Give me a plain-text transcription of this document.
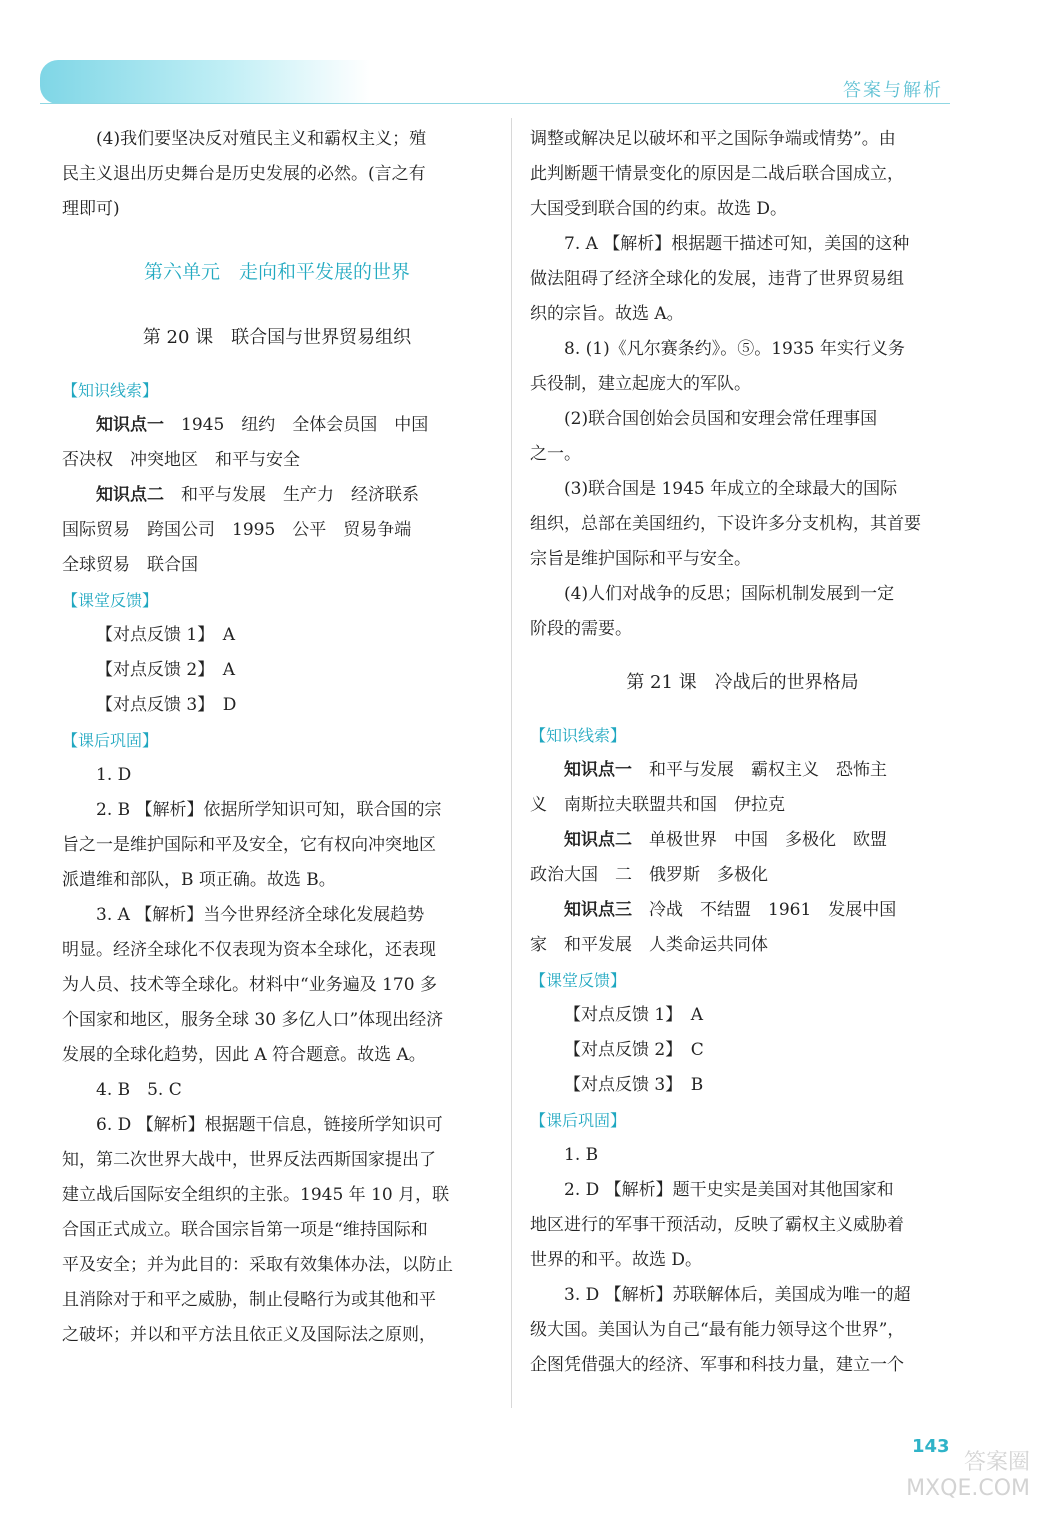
答案与解析
(4)我们要坚决反对殖民主义和霸权主义；殖
民主义退出历史舞台是历史发展的必然。(言之有
理即可)
第六单元　走向和平发展的世界
第 20 课　联合国与世界贸易组织
【知识线索】
知识点一　1945　纽约　全体会员国　中国
否决权　冲突地区　和平与安全
知识点二　和平与发展　生产力　经济联系
国际贸易　跨国公司　1995　公平　贸易争端
全球贸易　联合国
【课堂反馈】
【对点反馈 1】　A
【对点反馈 2】　A
【对点反馈 3】　D
【课后巩固】
1. D
2. B 【解析】依据所学知识可知，联合国的宗
旨之一是维护国际和平及安全，它有权向冲突地区
派遣维和部队，B 项正确。故选 B。
3. A 【解析】当今世界经济全球化发展趋势
明显。经济全球化不仅表现为资本全球化，还表现
为人员、技术等全球化。材料中“业务遍及 170 多
个国家和地区，服务全球 30 多亿人口”体现出经济
发展的全球化趋势，因此 A 符合题意。故选 A。
4. B　5. C
6. D 【解析】根据题干信息，链接所学知识可
知，第二次世界大战中，世界反法西斯国家提出了
建立战后国际安全组织的主张。1945 年 10 月，联
合国正式成立。联合国宗旨第一项是“维持国际和
平及安全；并为此目的：采取有效集体办法，以防止
且消除对于和平之威胁，制止侵略行为或其他和平
之破坏；并以和平方法且依正义及国际法之原则，
调整或解决足以破坏和平之国际争端或情势”。由
此判断题干情景变化的原因是二战后联合国成立，
大国受到联合国的约束。故选 D。
7. A 【解析】根据题干描述可知，美国的这种
做法阻碍了经济全球化的发展，违背了世界贸易组
织的宗旨。故选 A。
8. (1)《凡尔赛条约》。⑤。1935 年实行义务
兵役制，建立起庞大的军队。
(2)联合国创始会员国和安理会常任理事国
之一。
(3)联合国是 1945 年成立的全球最大的国际
组织，总部在美国纽约，下设许多分支机构，其首要
宗旨是维护国际和平与安全。
(4)人们对战争的反思；国际机制发展到一定
阶段的需要。
第 21 课　冷战后的世界格局
【知识线索】
知识点一　和平与发展　霸权主义　恐怖主
义　南斯拉夫联盟共和国　伊拉克
知识点二　单极世界　中国　多极化　欧盟
政治大国　二　俄罗斯　多极化
知识点三　冷战　不结盟　1961　发展中国
家　和平发展　人类命运共同体
【课堂反馈】
【对点反馈 1】　A
【对点反馈 2】　C
【对点反馈 3】　B
【课后巩固】
1. B
2. D 【解析】题干史实是美国对其他国家和
地区进行的军事干预活动，反映了霸权主义威胁着
世界的和平。故选 D。
3. D 【解析】苏联解体后，美国成为唯一的超
级大国。美国认为自己“最有能力领导这个世界”，
企图凭借强大的经济、军事和科技力量，建立一个
143
答案圈 MXQE.COM
